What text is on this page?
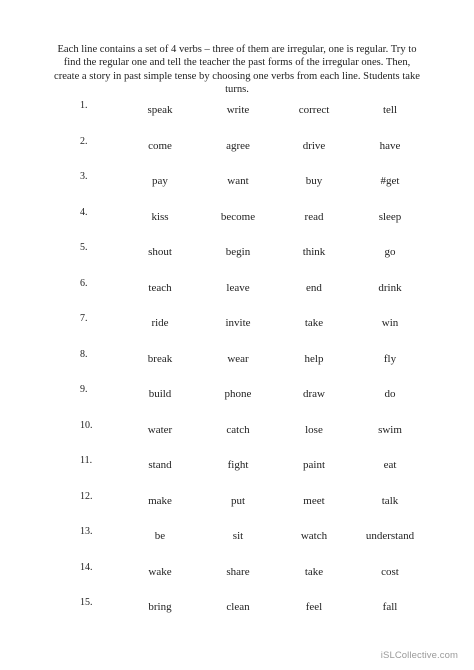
Each line contains a set of 4 verbs – three of them are irregular, one is regular. Try to find the regular one and tell the teacher the past forms of the irregular ones. Then, create a story in past simple tense by choosing one verbs from each line. Students take turns.
1.	speak	write	correct	tell
2.	come	agree	drive	have
3.	pay	want	buy	#get
4.	kiss	become	read	sleep
5.	shout	begin	think	go
6.	teach	leave	end	drink
7.	ride	invite	take	win
8.	break	wear	help	fly
9.	build	phone	draw	do
10.	water	catch	lose	swim
11.	stand	fight	paint	eat
12.	make	put	meet	talk
13.	be	sit	watch	understand
14.	wake	share	take	cost
15.	bring	clean	feel	fall
iSLCollective.com
